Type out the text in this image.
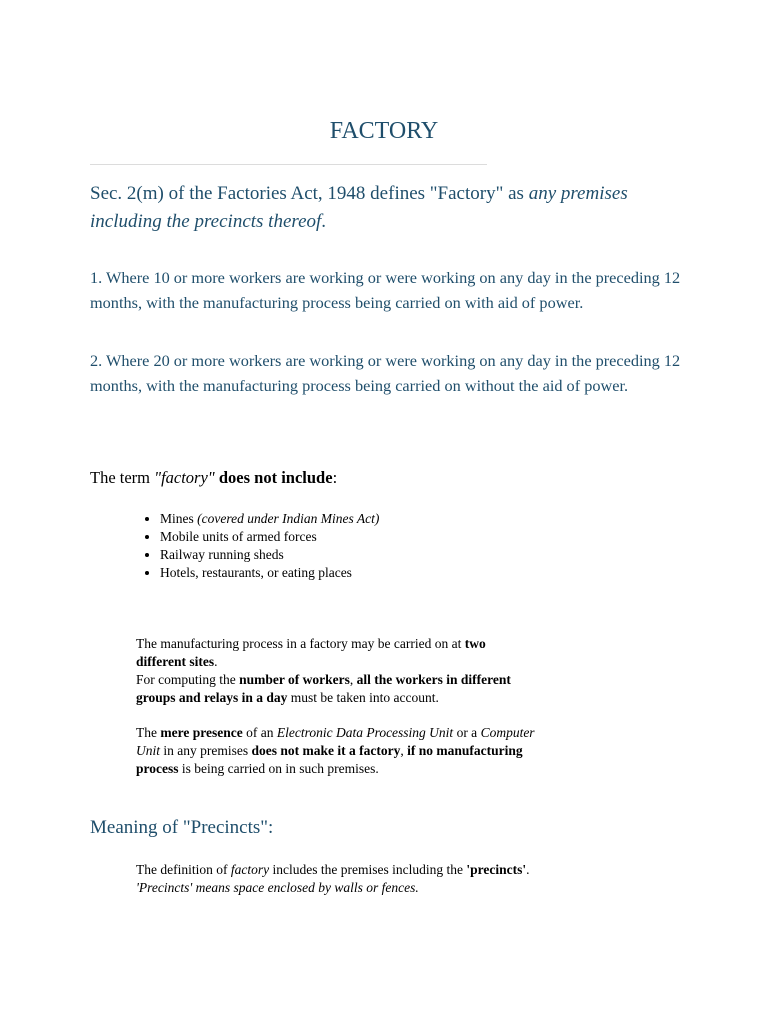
FACTORY

Sec. 2(m) of the Factories Act, 1948 defines "Factory" as any premises including the precincts thereof.

1. Where 10 or more workers are working or were working on any day in the preceding 12 months, with the manufacturing process being carried on with aid of power.

2. Where 20 or more workers are working or were working on any day in the preceding 12 months, with the manufacturing process being carried on without the aid of power.

The term "factory" does not include:

• Mines (covered under Indian Mines Act)
• Mobile units of armed forces
• Railway running sheds
• Hotels, restaurants, or eating places

The manufacturing process in a factory may be carried on at two different sites.
For computing the number of workers, all the workers in different groups and relays in a day must be taken into account.

The mere presence of an Electronic Data Processing Unit or a Computer Unit in any premises does not make it a factory, if no manufacturing process is being carried on in such premises.

Meaning of "Precincts":

The definition of factory includes the premises including the 'precincts'.
'Precincts' means space enclosed by walls or fences.
